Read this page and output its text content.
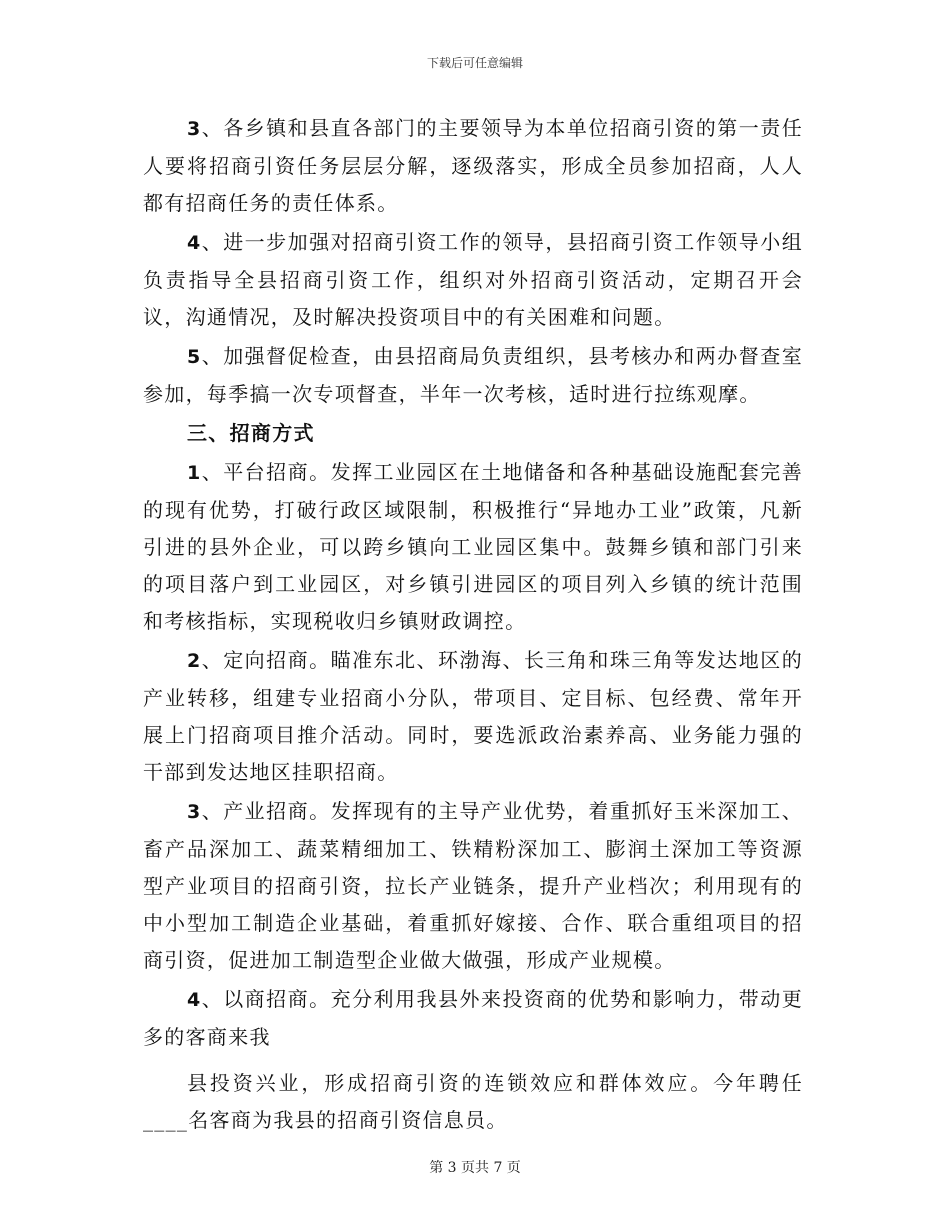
下载后可任意编辑

3、各乡镇和县直各部门的主要领导为本单位招商引资的第一责任人要将招商引资任务层层分解，逐级落实，形成全员参加招商，人人都有招商任务的责任体系。

4、进一步加强对招商引资工作的领导，县招商引资工作领导小组负责指导全县招商引资工作，组织对外招商引资活动，定期召开会议，沟通情况，及时解决投资项目中的有关困难和问题。

5、加强督促检查，由县招商局负责组织，县考核办和两办督查室参加，每季搞一次专项督查，半年一次考核，适时进行拉练观摩。

三、招商方式

1、平台招商。发挥工业园区在土地储备和各种基础设施配套完善的现有优势，打破行政区域限制，积极推行“异地办工业”政策，凡新引进的县外企业，可以跨乡镇向工业园区集中。鼓舞乡镇和部门引来的项目落户到工业园区，对乡镇引进园区的项目列入乡镇的统计范围和考核指标，实现税收归乡镇财政调控。

2、定向招商。瞄准东北、环渤海、长三角和珠三角等发达地区的产业转移，组建专业招商小分队，带项目、定目标、包经费、常年开展上门招商项目推介活动。同时，要选派政治素养高、业务能力强的干部到发达地区挂职招商。

3、产业招商。发挥现有的主导产业优势，着重抓好玉米深加工、畜产品深加工、蔬菜精细加工、铁精粉深加工、膨润土深加工等资源型产业项目的招商引资，拉长产业链条，提升产业档次；利用现有的中小型加工制造企业基础，着重抓好嫁接、合作、联合重组项目的招商引资，促进加工制造型企业做大做强，形成产业规模。

4、以商招商。充分利用我县外来投资商的优势和影响力，带动更多的客商来我

县投资兴业，形成招商引资的连锁效应和群体效应。今年聘任____名客商为我县的招商引资信息员。

第 3 页共 7 页
